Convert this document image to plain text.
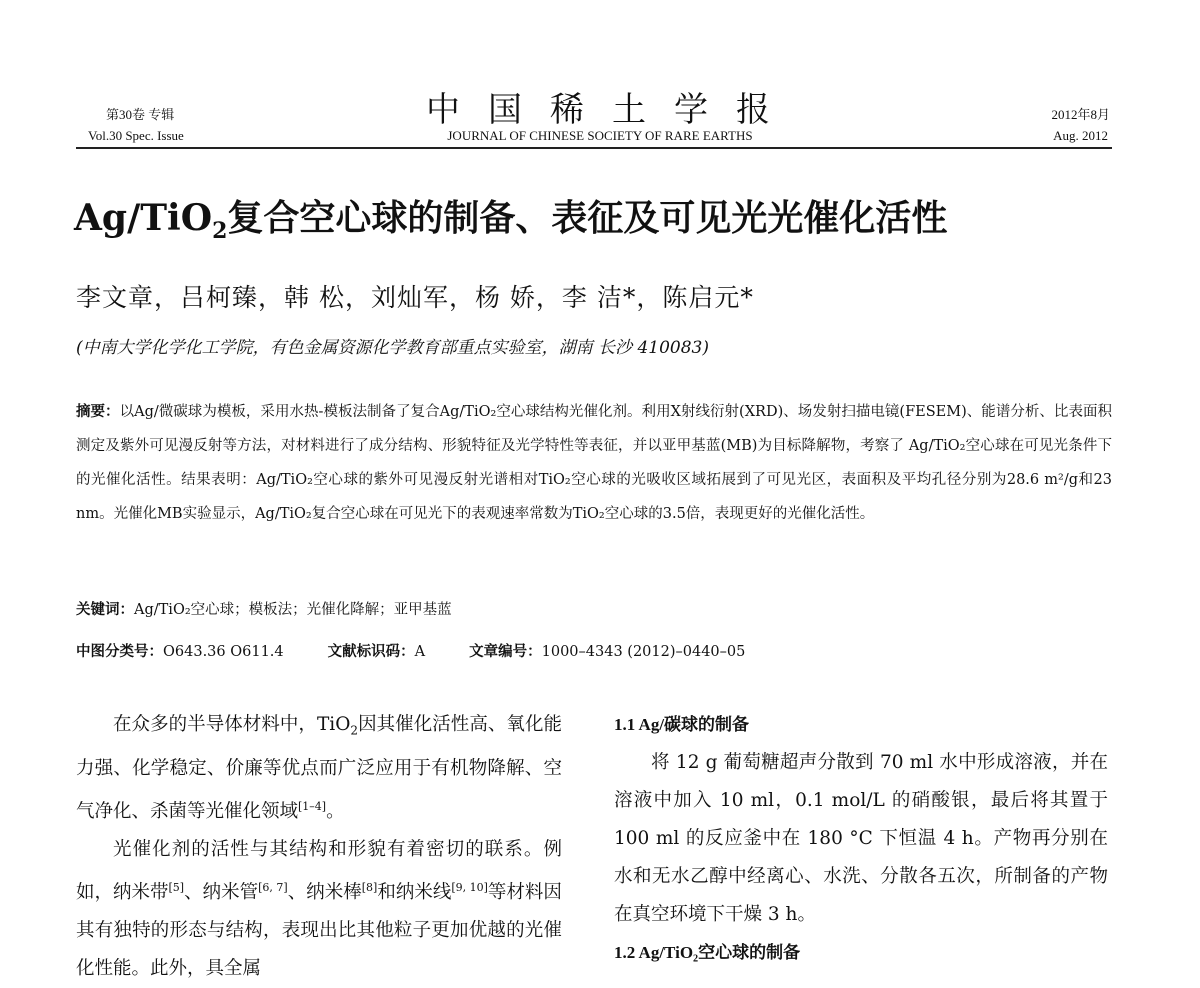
第30卷 专辑
Vol.30 Spec. Issue
中国稀土学报
JOURNAL OF CHINESE SOCIETY OF RARE EARTHS
2012年8月
Aug. 2012
Ag/TiO$_2$复合空心球的制备、表征及可见光光催化活性
李文章，吕柯臻，韩 松，刘灿军，杨 娇，李 洁*，陈启元*
(中南大学化学化工学院，有色金属资源化学教育部重点实验室，湖南 长沙 410083)
摘要：以Ag/微碳球为模板，采用水热-模板法制备了复合Ag/TiO₂空心球结构光催化剂。利用X射线衍射(XRD)、场发射扫描电镜(FESEM)、能谱分析、比表面积测定及紫外可见漫反射等方法，对材料进行了成分结构、形貌特征及光学特性等表征，并以亚甲基蓝(MB)为目标降解物，考察了 Ag/TiO₂空心球在可见光条件下的光催化活性。结果表明：Ag/TiO₂空心球的紫外可见漫反射光谱相对TiO₂空心球的光吸收区域拓展到了可见光区，表面积及平均孔径分别为28.6 m²/g和23 nm。光催化MB实验显示，Ag/TiO₂复合空心球在可见光下的表观速率常数为TiO₂空心球的3.5倍，表现更好的光催化活性。
关键词：Ag/TiO₂空心球；模板法；光催化降解；亚甲基蓝
中图分类号：O643.36 O611.4	文献标识码：A	文章编号：1000–4343 (2012)–0440–05
在众多的半导体材料中，TiO$_2$因其催化活性高、氧化能力强、化学稳定、价廉等优点而广泛应用于有机物降解、空气净化、杀菌等光催化领域[1–4]。
光催化剂的活性与其结构和形貌有着密切的联系。例如，纳米带[5]、纳米管[6, 7]、纳米棒[8]和纳米线[9, 10]等材料因其有独特的形态与结构，表现出比其他粒子更加优越的光催化性能。此外，具全属
1.1 Ag/碳球的制备
将 12 g 葡萄糖超声分散到 70 ml 水中形成溶液，并在溶液中加入 10 ml，0.1 mol/L 的硝酸银，最后将其置于 100 ml 的反应釜中在 180 °C 下恒温 4 h。产物再分别在水和无水乙醇中经离心、水洗、分散各五次，所制备的产物在真空环境下干燥 3 h。
1.2 Ag/TiO₂空心球的制备
